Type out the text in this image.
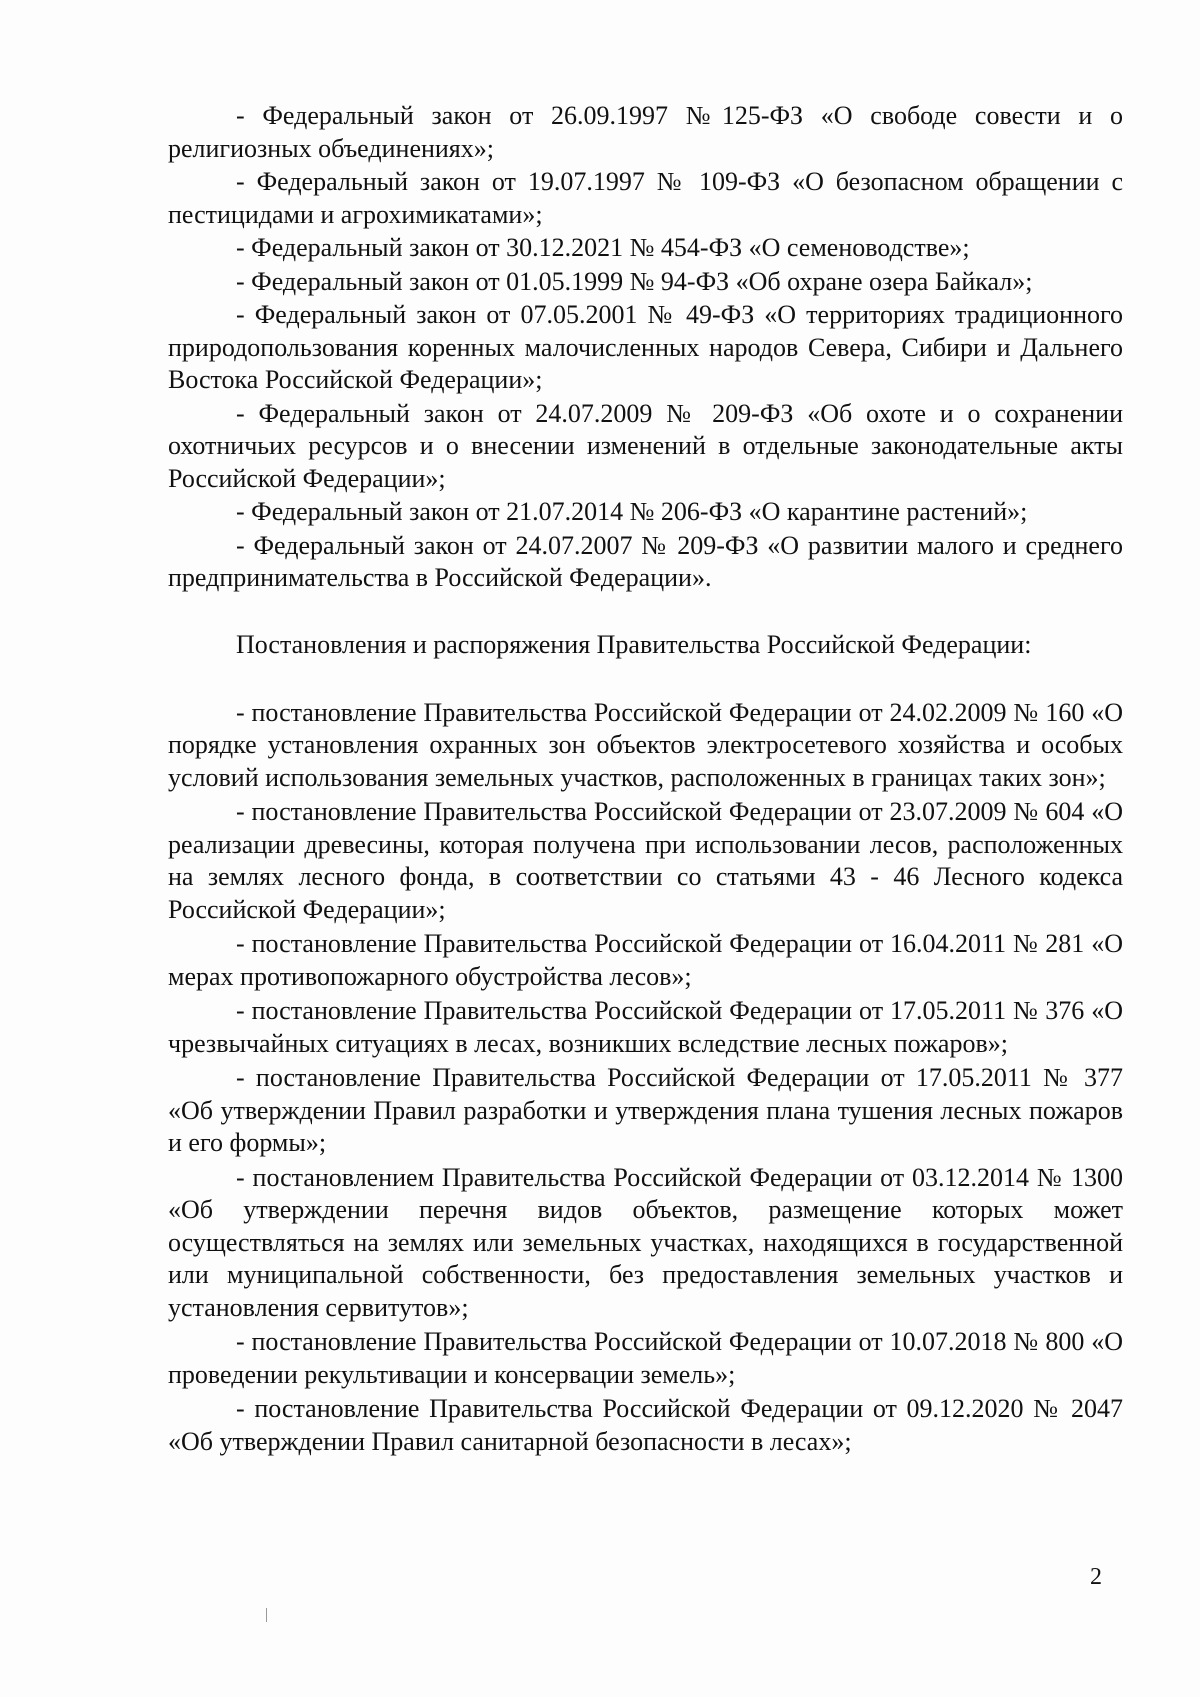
- Федеральный закон от 26.09.1997 №125-ФЗ «О свободе совести и о религиозных объединениях»;

- Федеральный закон от 19.07.1997 № 109-ФЗ «О безопасном обращении с пестицидами и агрохимикатами»;

- Федеральный закон от 30.12.2021 № 454-ФЗ «О семеноводстве»;

- Федеральный закон от 01.05.1999 № 94-ФЗ «Об охране озера Байкал»;

- Федеральный закон от 07.05.2001 № 49-ФЗ «О территориях традиционного природопользования коренных малочисленных народов Севера, Сибири и Дальнего Востока Российской Федерации»;

- Федеральный закон от 24.07.2009 № 209-ФЗ «Об охоте и о сохранении охотничьих ресурсов и о внесении изменений в отдельные законодательные акты Российской Федерации»;

- Федеральный закон от 21.07.2014 № 206-ФЗ «О карантине растений»;

- Федеральный закон от 24.07.2007 № 209-ФЗ «О развитии малого и среднего предпринимательства в Российской Федерации».

Постановления и распоряжения Правительства Российской Федерации:

- постановление Правительства Российской Федерации от 24.02.2009 № 160 «О порядке установления охранных зон объектов электросетевого хозяйства и особых условий использования земельных участков, расположенных в границах таких зон»;

- постановление Правительства Российской Федерации от 23.07.2009 № 604 «О реализации древесины, которая получена при использовании лесов, расположенных на землях лесного фонда, в соответствии со статьями 43 - 46 Лесного кодекса Российской Федерации»;

- постановление Правительства Российской Федерации от 16.04.2011 № 281 «О мерах противопожарного обустройства лесов»;

- постановление Правительства Российской Федерации от 17.05.2011 № 376 «О чрезвычайных ситуациях в лесах, возникших вследствие лесных пожаров»;

- постановление Правительства Российской Федерации от 17.05.2011 № 377 «Об утверждении Правил разработки и утверждения плана тушения лесных пожаров и его формы»;

- постановлением Правительства Российской Федерации от 03.12.2014 № 1300 «Об утверждении перечня видов объектов, размещение которых может осуществляться на землях или земельных участках, находящихся в государственной или муниципальной собственности, без предоставления земельных участков и установления сервитутов»;

- постановление Правительства Российской Федерации от 10.07.2018 № 800 «О проведении рекультивации и консервации земель»;

- постановление Правительства Российской Федерации от 09.12.2020 № 2047 «Об утверждении Правил санитарной безопасности в лесах»;

2
